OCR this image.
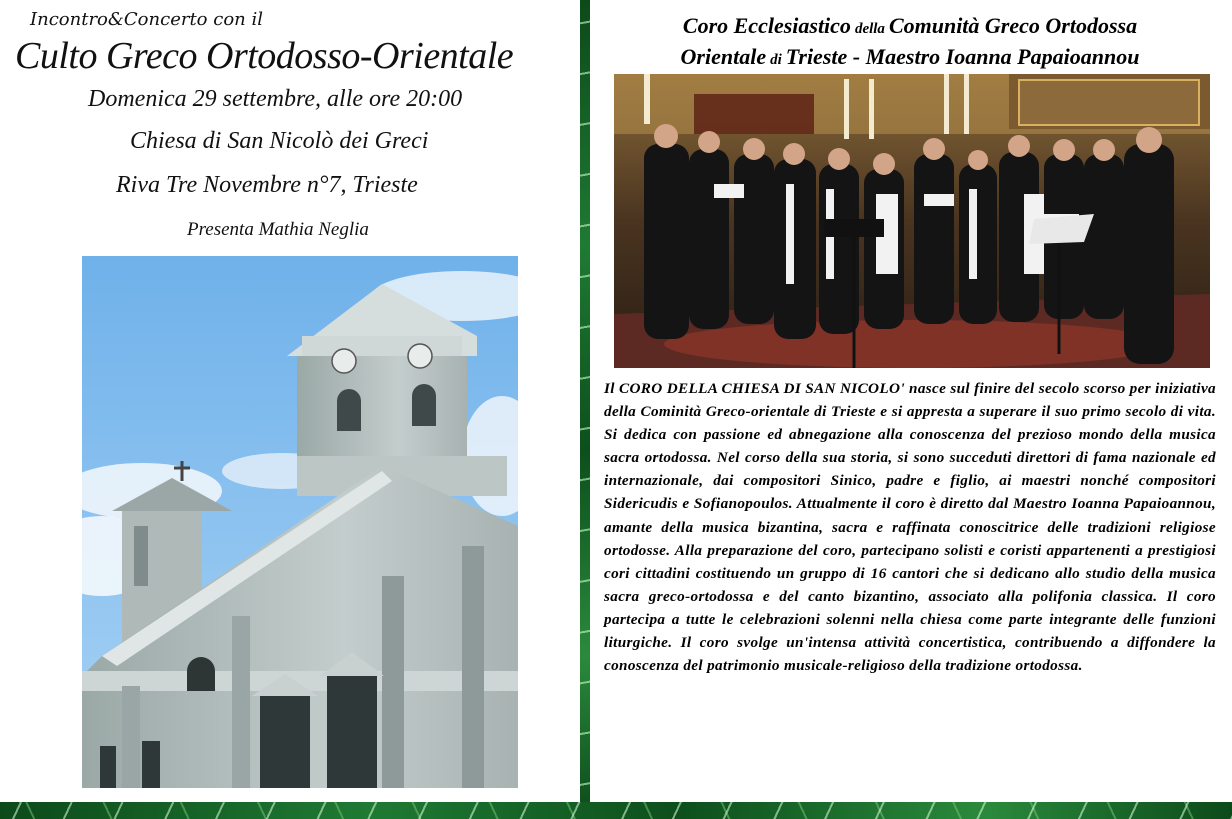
Incontro&Concerto con il
Culto Greco Ortodosso-Orientale
Domenica 29 settembre, alle ore 20:00
Chiesa di San Nicolò dei Greci
Riva Tre Novembre n°7, Trieste
Presenta Mathia Neglia
Coro Ecclesiastico della Comunità Greco Ortodossa
Orientale di Trieste - Maestro Ioanna Papaioannou
Il CORO DELLA CHIESA DI SAN NICOLO' nasce sul finire del secolo scorso per iniziativa della Cominità Greco-orientale di Trieste e si appresta a superare il suo primo secolo di vita. Si dedica con passione ed abnegazione alla conoscenza del prezioso mondo della musica sacra ortodossa. Nel corso della sua storia, si sono succeduti direttori di fama nazionale ed internazionale, dai compositori Sinico, padre e figlio, ai maestri nonché compositori Sidericudis e Sofianopoulos. Attualmente il coro è diretto dal Maestro Ioanna Papaioannou, amante della musica bizantina, sacra e raffinata conoscitrice delle tradizioni religiose ortodosse. Alla preparazione del coro, partecipano solisti e coristi appartenenti a prestigiosi cori cittadini costituendo un gruppo di 16 cantori che si dedicano allo studio della musica sacra greco-ortodossa e del canto bizantino, associato alla polifonia classica. Il coro partecipa a tutte le celebrazioni solenni nella chiesa come parte integrante delle funzioni liturgiche. Il coro svolge un'intensa attività concertistica, contribuendo a diffondere la conoscenza del patrimonio musicale-religioso della tradizione ortodossa.
